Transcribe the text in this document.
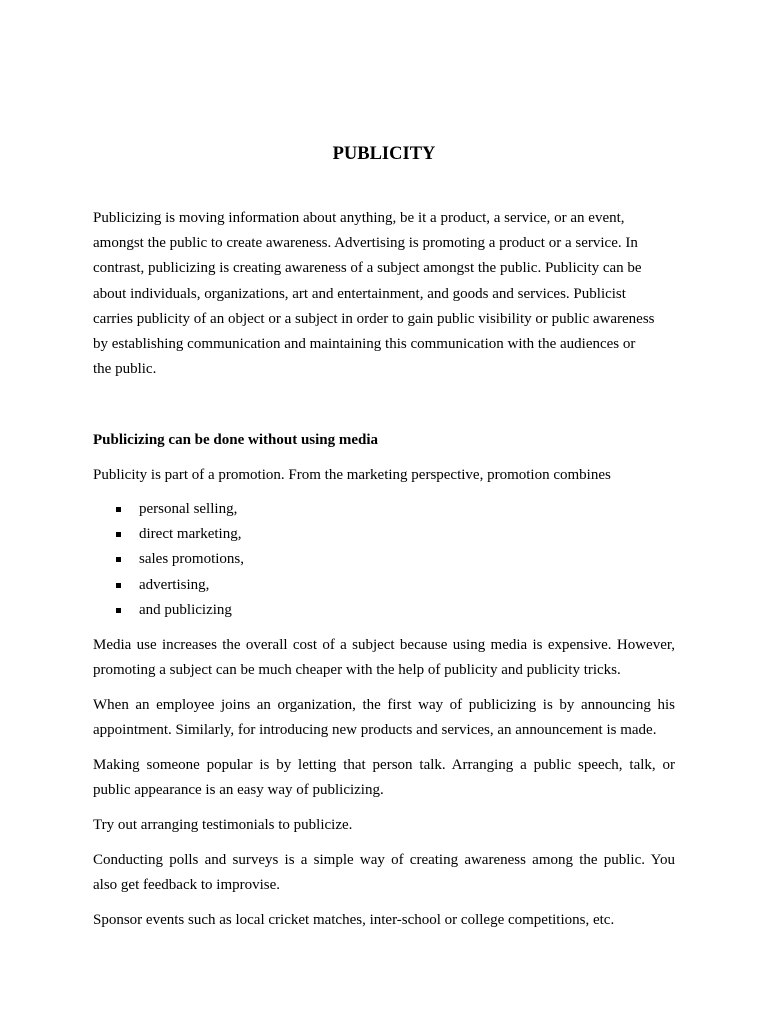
PUBLICITY
Publicizing is moving information about anything, be it a product, a service, or an event,
amongst the public to create awareness. Advertising is promoting a product or a service. In
contrast, publicizing is creating awareness of a subject amongst the public. Publicity can be
about individuals, organizations, art and entertainment, and goods and services. Publicist
carries publicity of an object or a subject in order to gain public visibility or public awareness
by establishing communication and maintaining this communication with the audiences or
the public.
Publicizing can be done without using media
Publicity is part of a promotion. From the marketing perspective, promotion combines
personal selling,
direct marketing,
sales promotions,
advertising,
and publicizing
Media use increases the overall cost of a subject because using media is expensive. However,
promoting a subject can be much cheaper with the help of publicity and publicity tricks.
When an employee joins an organization, the first way of publicizing is by announcing his
appointment. Similarly, for introducing new products and services, an announcement is made.
Making someone popular is by letting that person talk. Arranging a public speech, talk, or
public appearance is an easy way of publicizing.
Try out arranging testimonials to publicize.
Conducting polls and surveys is a simple way of creating awareness among the public. You
also get feedback to improvise.
Sponsor events such as local cricket matches, inter-school or college competitions, etc.
